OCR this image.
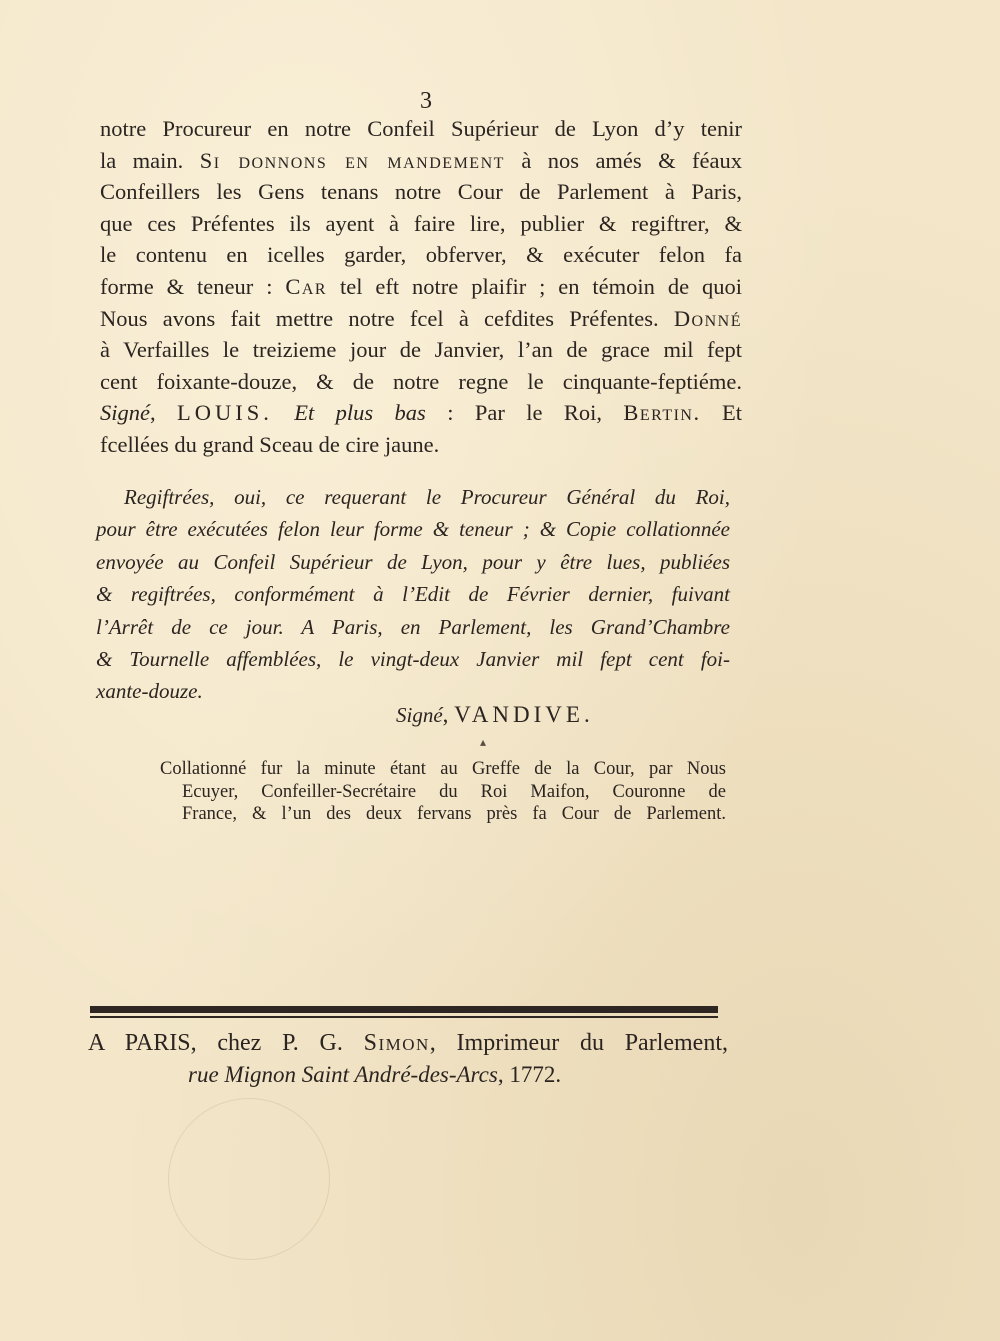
3
notre Procureur en notre Confeil Supérieur de Lyon d’y tenir
la main. Si donnons en mandement à nos amés & féaux
Confeillers les Gens tenans notre Cour de Parlement à Paris,
que ces Préfentes ils ayent à faire lire, publier & regiftrer, &
le contenu en icelles garder, obferver, & exécuter felon fa
forme & teneur : Car tel eft notre plaifir ; en témoin de quoi
Nous avons fait mettre notre fcel à cefdites Préfentes. Donné
à Verfailles le treizieme jour de Janvier, l’an de grace mil fept
cent foixante-douze, & de notre regne le cinquante-feptiéme.
Signé, LOUIS. Et plus bas : Par le Roi, Bertin. Et
fcellées du grand Sceau de cire jaune.
Regiftrées, oui, ce requerant le Procureur Général du Roi,
pour être exécutées felon leur forme & teneur ; & Copie collationnée
envoyée au Confeil Supérieur de Lyon, pour y être lues, publiées
& regiftrées, conformément à l’Edit de Février dernier, fuivant
l’Arrêt de ce jour. A Paris, en Parlement, les Grand’Chambre
& Tournelle affemblées, le vingt-deux Janvier mil fept cent foi-
xante-douze.
Signé, VANDIVE.
▴
Collationné fur la minute étant au Greffe de la Cour, par Nous
Ecuyer, Confeiller-Secrétaire du Roi Maifon, Couronne de
France, & l’un des deux fervans près fa Cour de Parlement.
A PARIS, chez P. G. Simon, Imprimeur du Parlement,
rue Mignon Saint André-des-Arcs, 1772.
